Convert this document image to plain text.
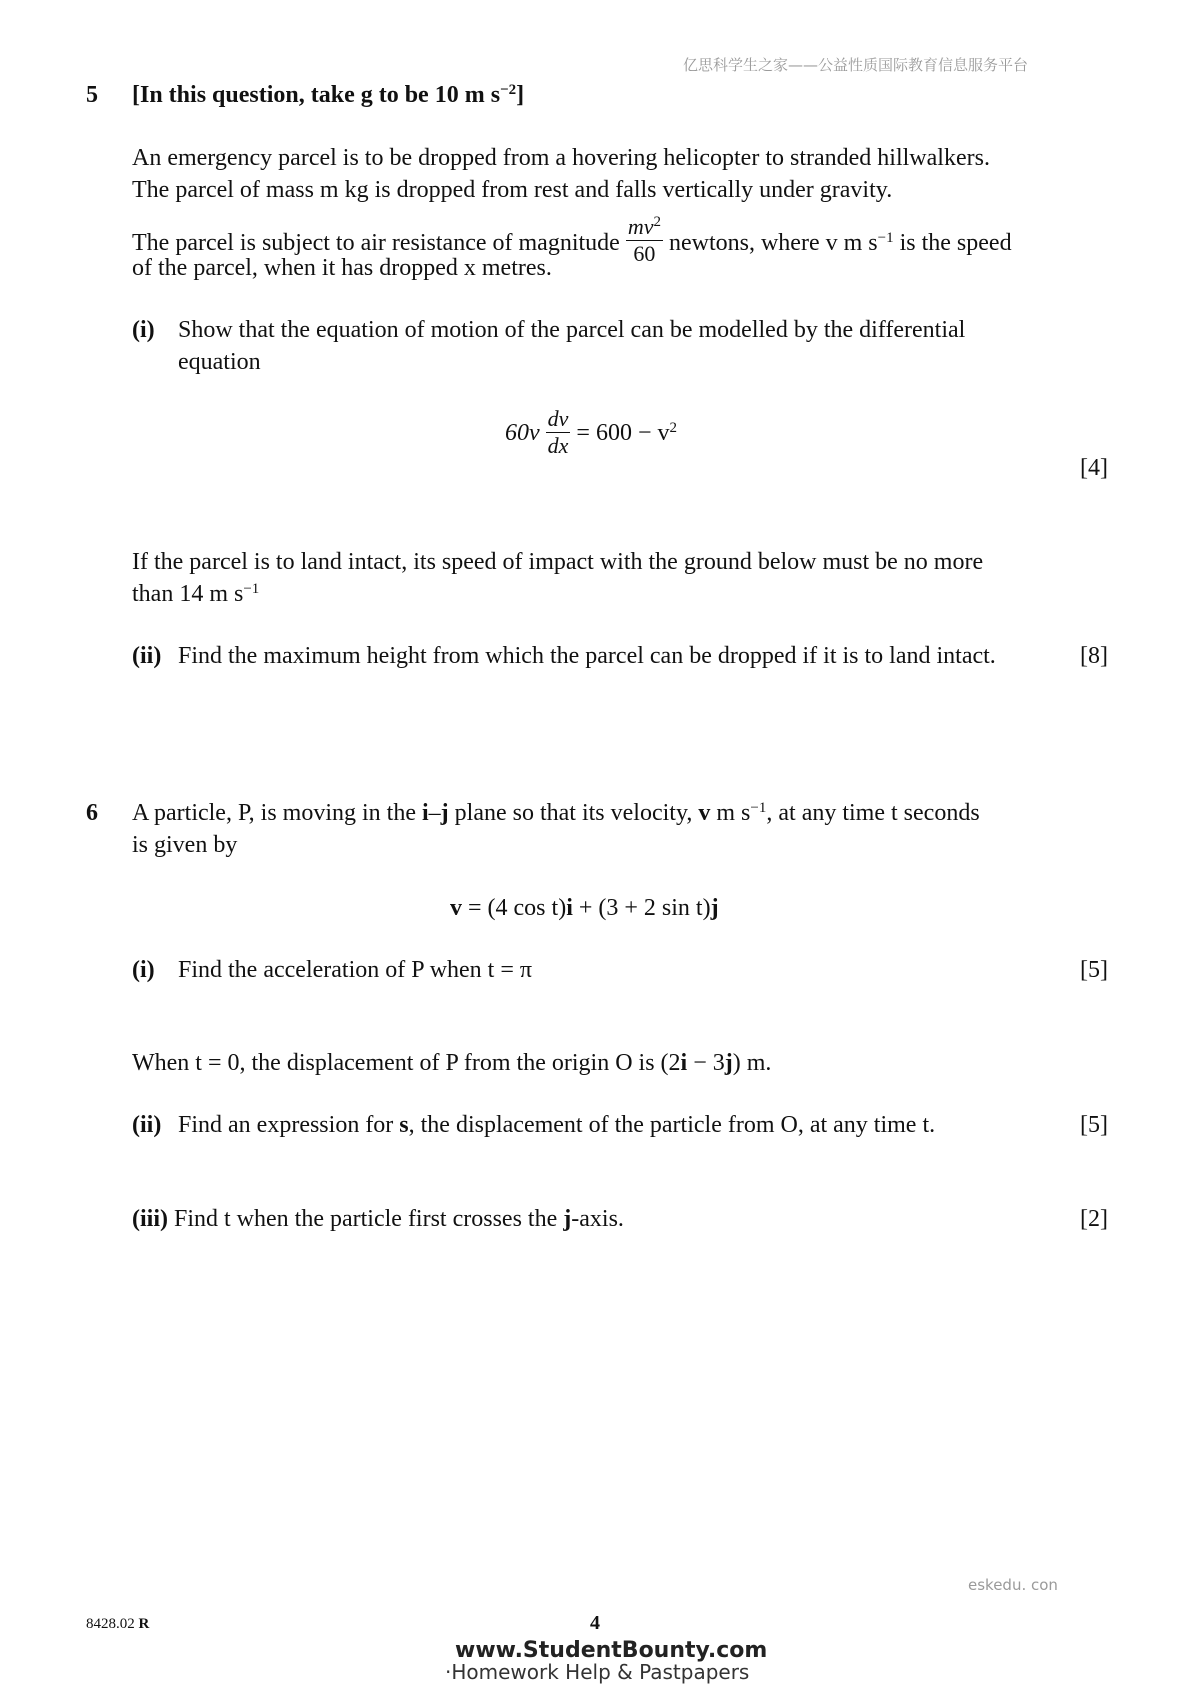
亿思科学生之家——公益性质国际教育信息服务平台
5 [In this question, take g to be 10 m $s^{-2}$]
An emergency parcel is to be dropped from a hovering helicopter to stranded hillwalkers.
The parcel of mass m kg is dropped from rest and falls vertically under gravity.
The parcel is subject to air resistance of magnitude $\frac{mv^2}{60}$ newtons, where v m $s^{-1}$ is the speed
of the parcel, when it has dropped x metres.
(i) Show that the equation of motion of the parcel can be modelled by the differential
equation
$60v \frac{dv}{dx} = 600 - v^2$
[4]
If the parcel is to land intact, its speed of impact with the ground below must be no more
than 14 m $s^{-1}$
(ii) Find the maximum height from which the parcel can be dropped if it is to land intact.	[8]
6 A particle, P, is moving in the i–j plane so that its velocity, v m $s^{-1}$, at any time t seconds
is given by
v = (4 cos t)i + (3 + 2 sin t)j
(i) Find the acceleration of P when t = π	[5]
When t = 0, the displacement of P from the origin O is (2i − 3j) m.
(ii) Find an expression for s, the displacement of the particle from O, at any time t.	[5]
(iii) Find t when the particle first crosses the j-axis.	[2]
eskedu. con
8428.02 R	4
www.StudentBounty.com
·Homework Help & Pastpapers
